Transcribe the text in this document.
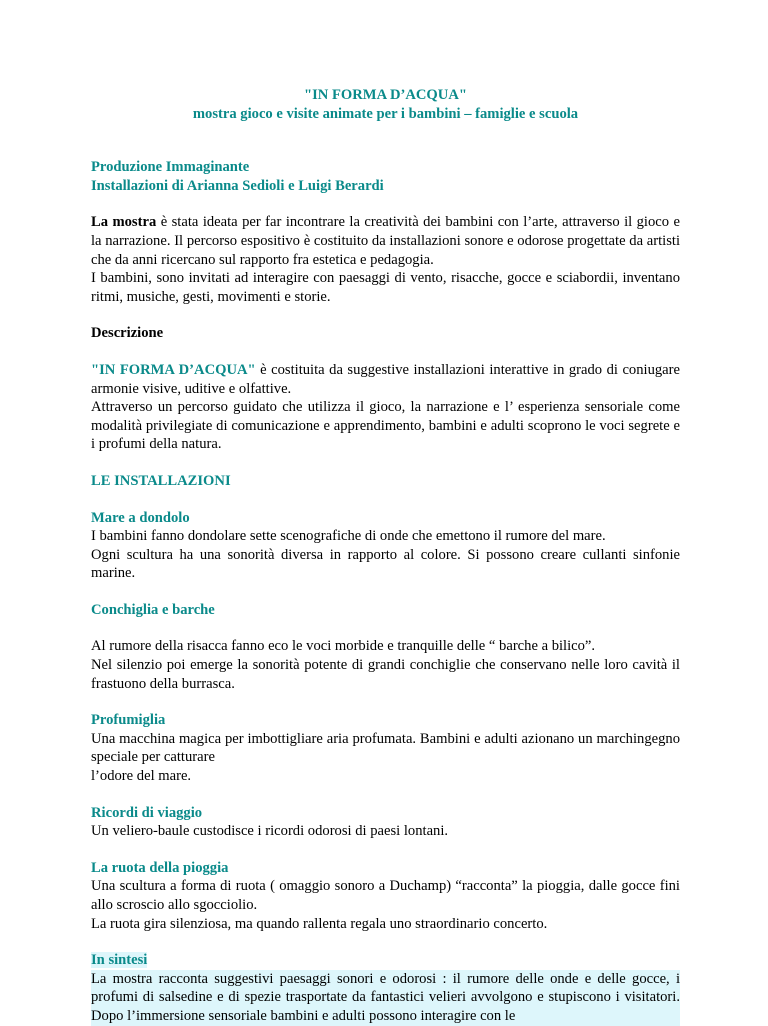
"IN FORMA D’ACQUA"
mostra gioco e visite animate per i bambini – famiglie e scuola
Produzione Immaginante
Installazioni di Arianna Sedioli e Luigi Berardi

La mostra è stata ideata per far incontrare la creatività dei bambini con l’arte, attraverso il gioco e la narrazione. Il percorso espositivo è costituito da installazioni sonore e odorose progettate da artisti che da anni ricercano sul rapporto fra estetica e pedagogia.

I bambini, sono invitati ad interagire con paesaggi di vento, risacche, gocce e sciabordii, inventano ritmi, musiche, gesti, movimenti e storie.

Descrizione

"IN FORMA D’ACQUA" è costituita da suggestive installazioni interattive in grado di coniugare armonie visive, uditive e olfattive.

Attraverso un percorso guidato che utilizza il gioco, la narrazione e l’ esperienza sensoriale come modalità privilegiate di comunicazione e apprendimento, bambini e adulti scoprono le voci segrete e i profumi della natura.

LE INSTALLAZIONI

Mare a dondolo

I bambini fanno dondolare sette scenografiche di onde che emettono il rumore del mare.

Ogni scultura ha una sonorità diversa in rapporto al colore. Si possono creare cullanti sinfonie marine.

Conchiglia e barche

Al rumore della risacca fanno eco le voci morbide e tranquille delle “ barche a bilico”.

Nel silenzio poi emerge la sonorità potente di grandi conchiglie che conservano nelle loro cavità il frastuono della burrasca.

Profumiglia

Una macchina magica per imbottigliare aria profumata. Bambini e adulti azionano un marchingegno speciale per catturare

l’odore del mare.

Ricordi di viaggio

Un veliero-baule custodisce i ricordi odorosi di paesi lontani.

La ruota della pioggia

Una scultura a forma di ruota ( omaggio sonoro a Duchamp) “racconta” la pioggia, dalle gocce fini allo scroscio allo sgocciolio.

La ruota gira silenziosa, ma quando rallenta regala uno straordinario concerto.

In sintesi

La mostra racconta suggestivi paesaggi sonori e odorosi : il rumore delle onde e delle gocce, i profumi di salsedine e di spezie trasportate da fantastici velieri avvolgono e stupiscono i visitatori. Dopo l’immersione sensoriale bambini e adulti possono interagire con le
